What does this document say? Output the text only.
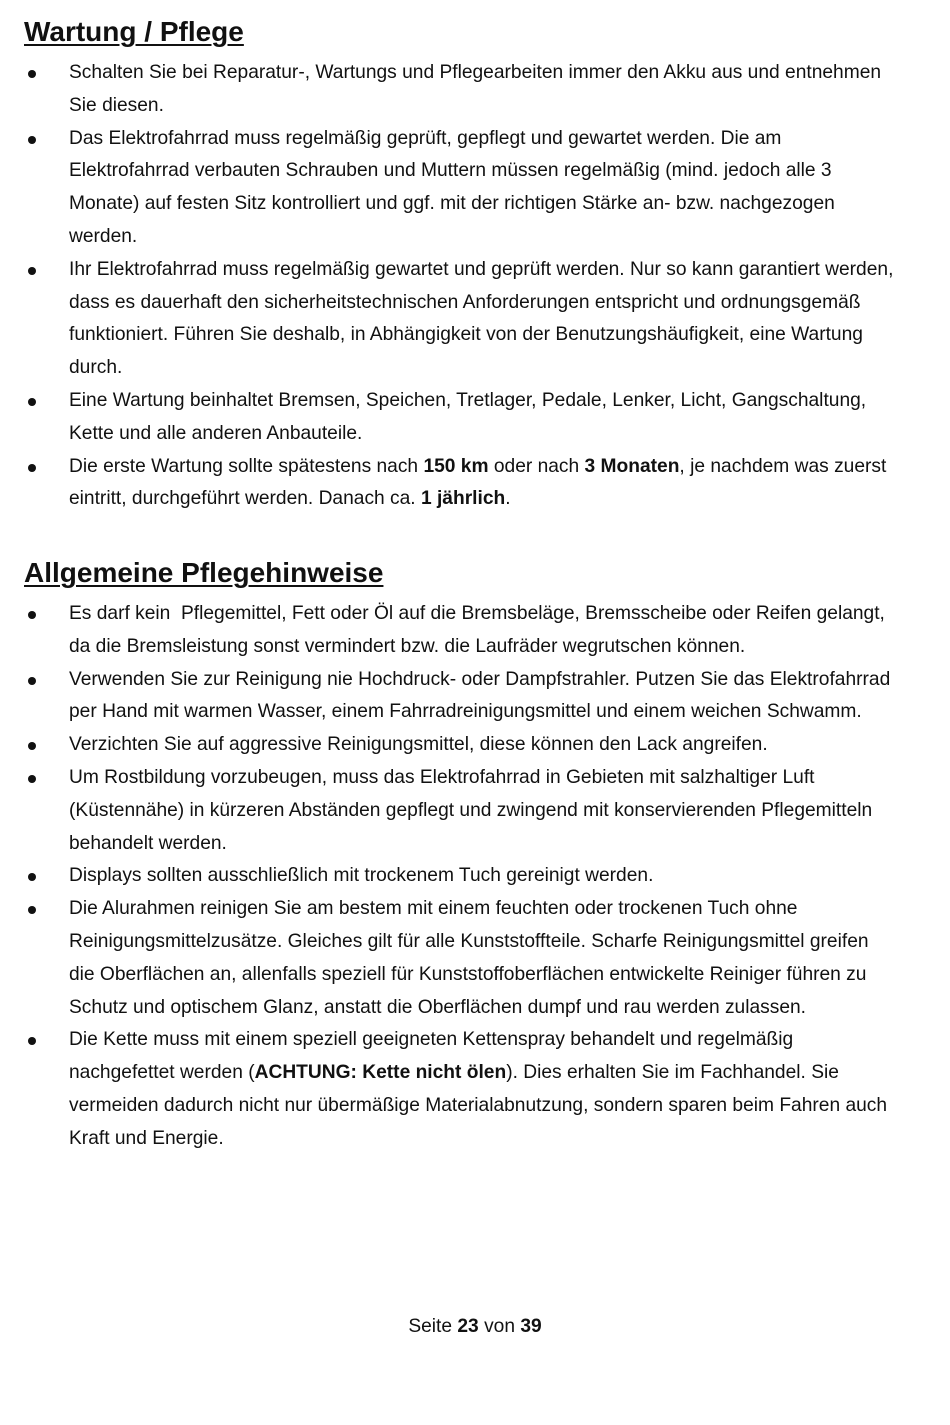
Wartung / Pflege
Schalten Sie bei Reparatur-, Wartungs und Pflegearbeiten immer den Akku aus und entnehmen Sie diesen.
Das Elektrofahrrad muss regelmäßig geprüft, gepflegt und gewartet werden. Die am Elektrofahrrad verbauten Schrauben und Muttern müssen regelmäßig (mind. jedoch alle 3 Monate) auf festen Sitz kontrolliert und ggf. mit der richtigen Stärke an- bzw. nachgezogen werden.
Ihr Elektrofahrrad muss regelmäßig gewartet und geprüft werden. Nur so kann garantiert werden, dass es dauerhaft den sicherheitstechnischen Anforderungen entspricht und ordnungsgemäß funktioniert. Führen Sie deshalb, in Abhängigkeit von der Benutzungshäufigkeit, eine Wartung durch.
Eine Wartung beinhaltet Bremsen, Speichen, Tretlager, Pedale, Lenker, Licht, Gangschaltung, Kette und alle anderen Anbauteile.
Die erste Wartung sollte spätestens nach 150 km oder nach 3 Monaten, je nachdem was zuerst eintritt, durchgeführt werden. Danach ca. 1 jährlich.
Allgemeine Pflegehinweise
Es darf kein  Pflegemittel, Fett oder Öl auf die Bremsbeläge, Bremsscheibe oder Reifen gelangt, da die Bremsleistung sonst vermindert bzw. die Laufräder wegrutschen können.
Verwenden Sie zur Reinigung nie Hochdruck- oder Dampfstrahler. Putzen Sie das Elektrofahrrad per Hand mit warmen Wasser, einem Fahrradreinigungsmittel und einem weichen Schwamm.
Verzichten Sie auf aggressive Reinigungsmittel, diese können den Lack angreifen.
Um Rostbildung vorzubeugen, muss das Elektrofahrrad in Gebieten mit salzhaltiger Luft (Küstennähe) in kürzeren Abständen gepflegt und zwingend mit konservierenden Pflegemitteln behandelt werden.
Displays sollten ausschließlich mit trockenem Tuch gereinigt werden.
Die Alurahmen reinigen Sie am bestem mit einem feuchten oder trockenen Tuch ohne Reinigungsmittelzusätze. Gleiches gilt für alle Kunststoffteile. Scharfe Reinigungsmittel greifen die Oberflächen an, allenfalls speziell für Kunststoffoberflächen entwickelte Reiniger führen zu Schutz und optischem Glanz, anstatt die Oberflächen dumpf und rau werden zulassen.
Die Kette muss mit einem speziell geeigneten Kettenspray behandelt und regelmäßig nachgefettet werden (ACHTUNG: Kette nicht ölen). Dies erhalten Sie im Fachhandel. Sie vermeiden dadurch nicht nur übermäßige Materialabnutzung, sondern sparen beim Fahren auch Kraft und Energie.
Seite 23 von 39
